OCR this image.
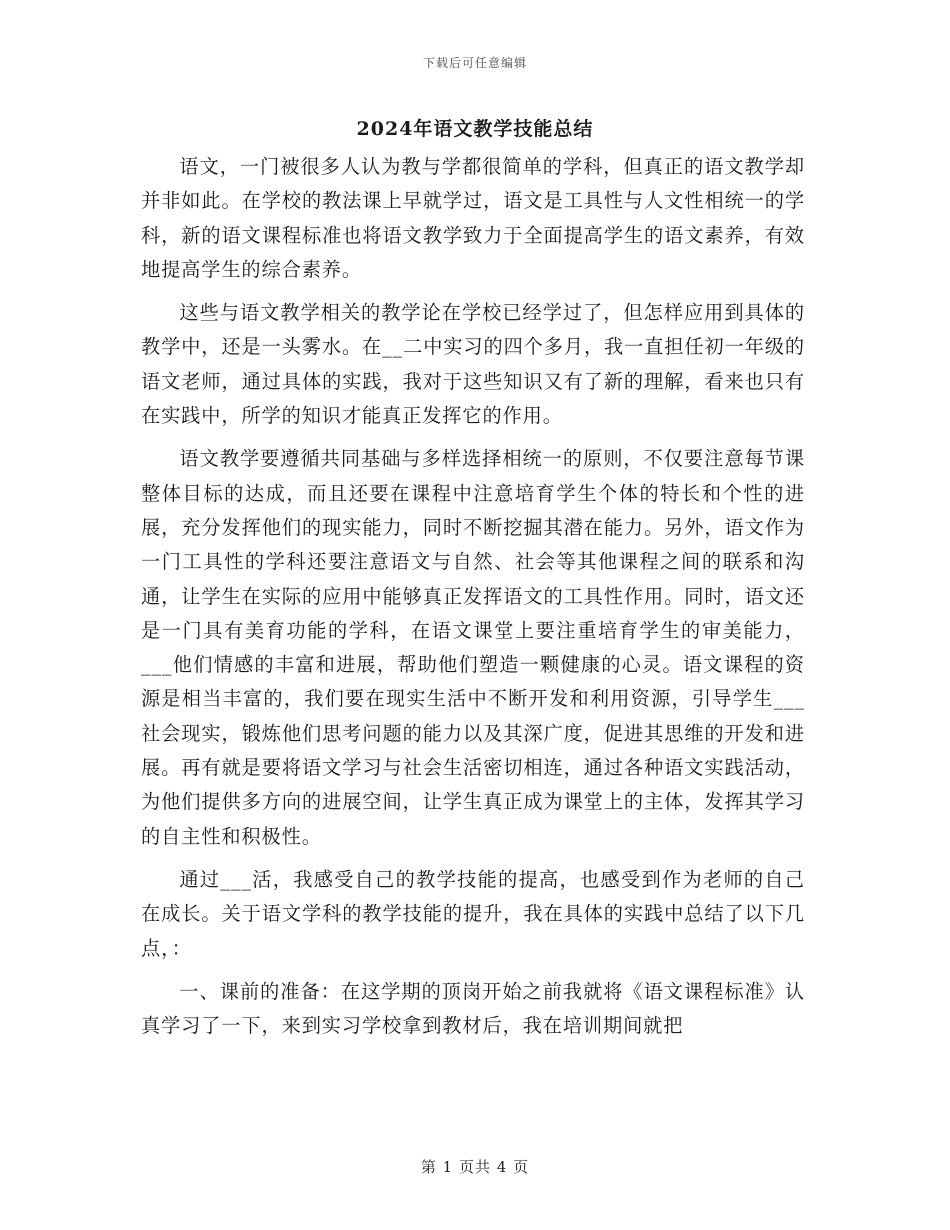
下载后可任意编辑
2024年语文教学技能总结

语文，一门被很多人认为教与学都很简单的学科，但真正的语文教学却并非如此。在学校的教法课上早就学过，语文是工具性与人文性相统一的学科，新的语文课程标准也将语文教学致力于全面提高学生的语文素养，有效地提高学生的综合素养。

这些与语文教学相关的教学论在学校已经学过了，但怎样应用到具体的教学中，还是一头雾水。在__二中实习的四个多月，我一直担任初一年级的语文老师，通过具体的实践，我对于这些知识又有了新的理解，看来也只有在实践中，所学的知识才能真正发挥它的作用。

语文教学要遵循共同基础与多样选择相统一的原则，不仅要注意每节课整体目标的达成，而且还要在课程中注意培育学生个体的特长和个性的进展，充分发挥他们的现实能力，同时不断挖掘其潜在能力。另外，语文作为一门工具性的学科还要注意语文与自然、社会等其他课程之间的联系和沟通，让学生在实际的应用中能够真正发挥语文的工具性作用。同时，语文还是一门具有美育功能的学科，在语文课堂上要注重培育学生的审美能力，___他们情感的丰富和进展，帮助他们塑造一颗健康的心灵。语文课程的资源是相当丰富的，我们要在现实生活中不断开发和利用资源，引导学生___社会现实，锻炼他们思考问题的能力以及其深广度，促进其思维的开发和进展。再有就是要将语文学习与社会生活密切相连，通过各种语文实践活动，为他们提供多方向的进展空间，让学生真正成为课堂上的主体，发挥其学习的自主性和积极性。

通过___活，我感受自己的教学技能的提高，也感受到作为老师的自己在成长。关于语文学科的教学技能的提升，我在具体的实践中总结了以下几点，：

一、课前的准备：在这学期的顶岗开始之前我就将《语文课程标准》认真学习了一下，来到实习学校拿到教材后，我在培训期间就把

第 1 页共 4 页
